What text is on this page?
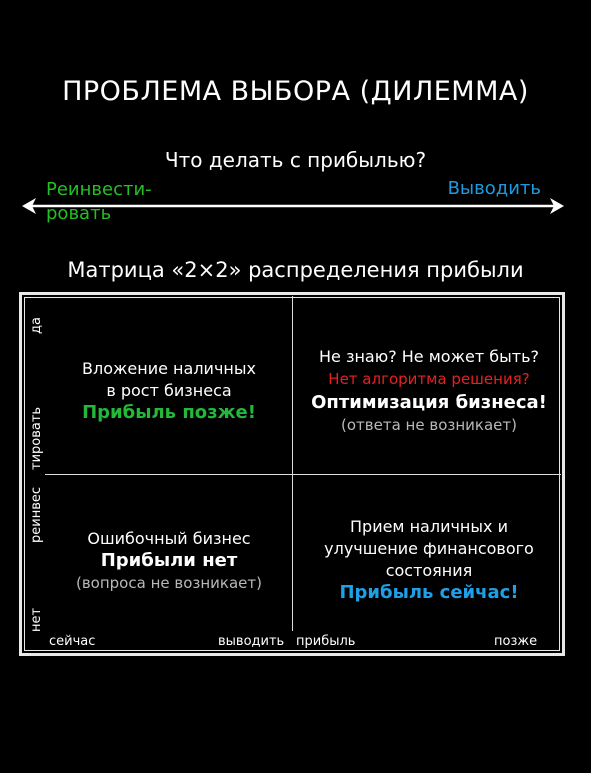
ПРОБЛЕМА ВЫБОРА (ДИЛЕММА)
Что делать с прибылью?
Реинвести-
ровать
Выводить
Матрица «2×2» распределения прибыли
да
тировать
реинвес
нет
Вложение наличных
в рост бизнеса
Прибыль позже!
Не знаю? Не может быть?
Нет алгоритма решения?
Оптимизация бизнеса!
(ответа не возникает)
Ошибочный бизнес
Прибыли нет
(вопроса не возникает)
Прием наличных и
улучшение финансового
состояния
Прибыль сейчас!
сейчас	выводить прибыль	позже
